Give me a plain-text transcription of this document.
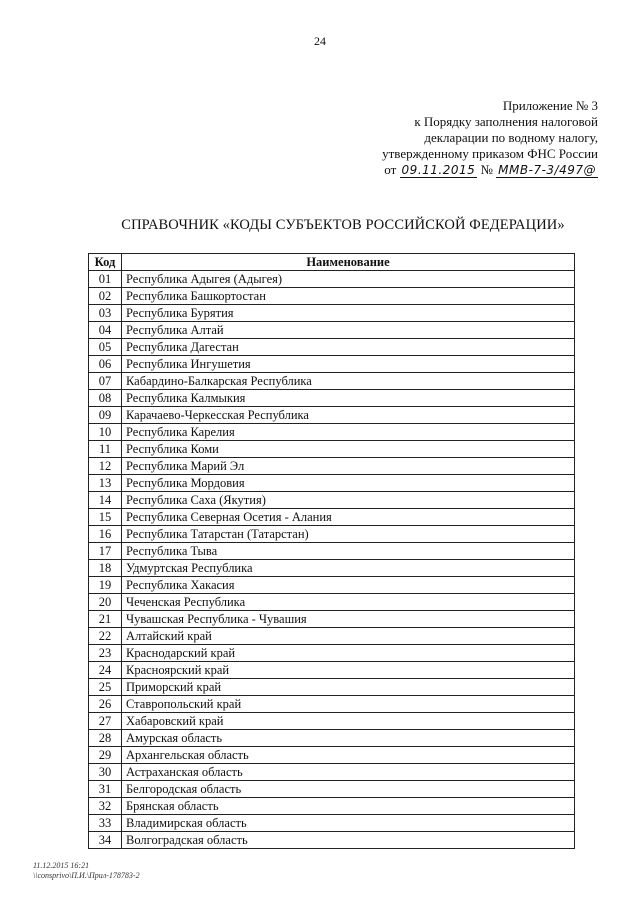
24
Приложение № 3
к Порядку заполнения налоговой
декларации по водному налогу,
утвержденному приказом ФНС России
от 09.11.2015 № ММВ-7-3/497@
СПРАВОЧНИК «КОДЫ СУБЪЕКТОВ РОССИЙСКОЙ ФЕДЕРАЦИИ»
Код	Наименование
01	Республика Адыгея (Адыгея)
02	Республика Башкортостан
03	Республика Бурятия
04	Республика Алтай
05	Республика Дагестан
06	Республика Ингушетия
07	Кабардино-Балкарская Республика
08	Республика Калмыкия
09	Карачаево-Черкесская Республика
10	Республика Карелия
11	Республика Коми
12	Республика Марий Эл
13	Республика Мордовия
14	Республика Саха (Якутия)
15	Республика Северная Осетия - Алания
16	Республика Татарстан (Татарстан)
17	Республика Тыва
18	Удмуртская Республика
19	Республика Хакасия
20	Чеченская Республика
21	Чувашская Республика - Чувашия
22	Алтайский край
23	Краснодарский край
24	Красноярский край
25	Приморский край
26	Ставропольский край
27	Хабаровский край
28	Амурская область
29	Архангельская область
30	Астраханская область
31	Белгородская область
32	Брянская область
33	Владимирская область
34	Волгоградская область
11.12.2015 16:21
\\consprivo\П.И.\Прил-178783-2
